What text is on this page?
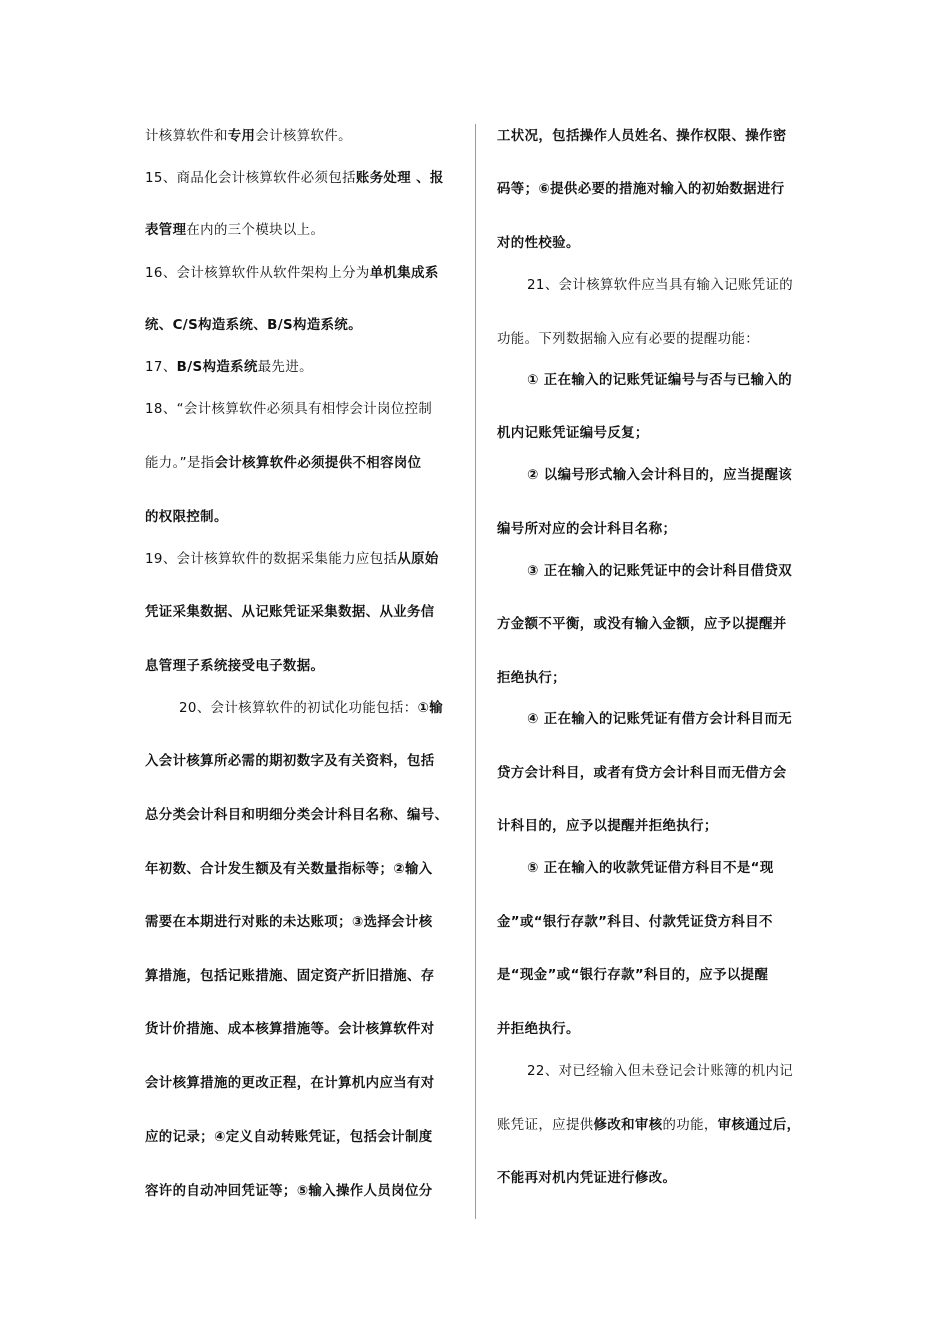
计核算软件和专用会计核算软件。
15、商品化会计核算软件必须包括账务处理 、报
表管理在内的三个模块以上。
16、会计核算软件从软件架构上分为单机集成系
统、C/S构造系统、B/S构造系统。
17、B/S构造系统最先进。
18、“会计核算软件必须具有相悖会计岗位控制
能力。”是指会计核算软件必须提供不相容岗位
的权限控制。
19、会计核算软件的数据采集能力应包括从原始
凭证采集数据、从记账凭证采集数据、从业务信
息管理子系统接受电子数据。
20、会计核算软件的初试化功能包括：①输
入会计核算所必需的期初数字及有关资料，包括
总分类会计科目和明细分类会计科目名称、编号、
年初数、合计发生额及有关数量指标等；②输入
需要在本期进行对账的未达账项；③选择会计核
算措施，包括记账措施、固定资产折旧措施、存
货计价措施、成本核算措施等。会计核算软件对
会计核算措施的更改正程，在计算机内应当有对
应的记录；④定义自动转账凭证，包括会计制度
容许的自动冲回凭证等；⑤输入操作人员岗位分
工状况，包括操作人员姓名、操作权限、操作密
码等；⑥提供必要的措施对输入的初始数据进行
对的性校验。
21、会计核算软件应当具有输入记账凭证的
功能。下列数据输入应有必要的提醒功能：
① 正在输入的记账凭证编号与否与已输入的
机内记账凭证编号反复；
② 以编号形式输入会计科目的，应当提醒该
编号所对应的会计科目名称；
③ 正在输入的记账凭证中的会计科目借贷双
方金额不平衡，或没有输入金额，应予以提醒并
拒绝执行；
④ 正在输入的记账凭证有借方会计科目而无
贷方会计科目，或者有贷方会计科目而无借方会
计科目的，应予以提醒并拒绝执行；
⑤ 正在输入的收款凭证借方科目不是“现
金”或“银行存款”科目、付款凭证贷方科目不
是“现金”或“银行存款”科目的，应予以提醒
并拒绝执行。
22、对已经输入但未登记会计账簿的机内记
账凭证，应提供修改和审核的功能，审核通过后，
不能再对机内凭证进行修改。
